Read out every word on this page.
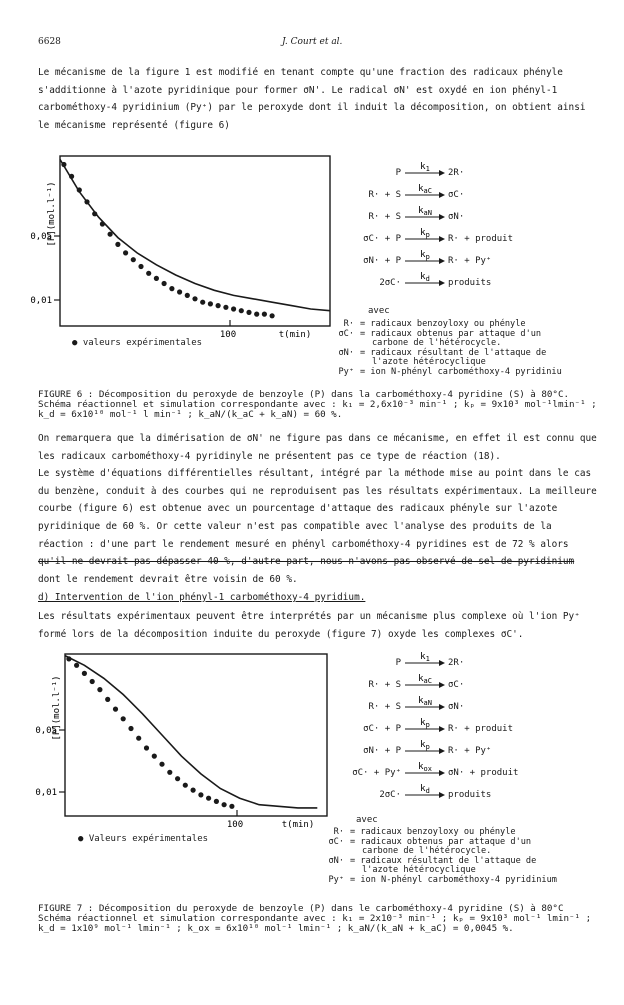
6628	J. Court et al.
Le mécanisme de la figure 1 est modifié en tenant compte qu'une fraction des radicaux phényle
s'additionne à l'azote pyridinique pour former σN'. Le radical σN' est oxydé en ion phényl-1
carbométhoxy-4 pyridinium (Py⁺) par le peroxyde dont il induit la décomposition, on obtient ainsi
le mécanisme représenté (figure 6)
[P](mol.l⁻¹)
0,05
0,01
100	t(min)
● valeurs expérimentales
P
$k_1$ 2R·
R· + S
$k_{aC}$ σC·
R· + S
$k_{aN}$ σN·
σC· + P
$k_p$ R· + produit
σN· + P
$k_p$ R· + Py⁺
2σC·
$k_d$ produits
avec
R· = radicaux benzoyloxy ou phényle
σC· = radicaux obtenus par attaque d'un
carbone de l'hétérocycle.
σN· = radicaux résultant de l'attaque de
l'azote hétérocyclique
Py⁺ = ion N-phényl carbométhoxy-4 pyridiniu
FIGURE 6 : Décomposition du peroxyde de benzoyle (P) dans la carbométhoxy-4 pyridine (S) à 80°C.
Schéma réactionnel et simulation correspondante avec : k₁ = 2,6x10⁻³ min⁻¹ ; kₚ = 9x10³ mol⁻¹lmin⁻¹ ;
k_d = 6x10¹⁰ mol⁻¹ l min⁻¹ ; k_aN/(k_aC + k_aN) = 60 %.
On remarquera que la dimérisation de σN' ne figure pas dans ce mécanisme, en effet il est connu que
les radicaux carbométhoxy-4 pyridinyle ne présentent pas ce type de réaction (18).
Le système d'équations différentielles résultant, intégré par la méthode mise au point dans le cas
du benzène, conduit à des courbes qui ne reproduisent pas les résultats expérimentaux. La meilleure
courbe (figure 6) est obtenue avec un pourcentage d'attaque des radicaux phényle sur l'azote
pyridinique de 60 %. Or cette valeur n'est pas compatible avec l'analyse des produits de la
réaction : d'une part le rendement mesuré en phényl carbométhoxy-4 pyridines est de 72 % alors
qu'il ne devrait pas dépasser 40 %, d'autre part, nous n'avons pas observé de sel de pyridinium
dont le rendement devrait être voisin de 60 %.
d) Intervention de l'ion phényl-1 carbométhoxy-4 pyridium.
Les résultats expérimentaux peuvent être interprétés par un mécanisme plus complexe où l'ion Py⁺
formé lors de la décomposition induite du peroxyde (figure 7) oxyde les complexes σC'.
[P](mol.l⁻¹)
0,05
0,01
100	t(min)
● Valeurs expérimentales
P
$k_1$ 2R·
R· + S
$k_{aC}$ σC·
R· + S
$k_{aN}$ σN·
σC· + P
$k_p$ R· + produit
σN· + P
$k_p$ R· + Py⁺
σC· + Py⁺
$k_{ox}$ σN· + produit
2σC·
$k_d$ produits
avec
R· = radicaux benzoyloxy ou phényle
σC· = radicaux obtenus par attaque d'un
carbone de l'hétérocycle.
σN· = radicaux résultant de l'attaque de
l'azote hétérocyclique
Py⁺ = ion N-phényl carbométhoxy-4 pyridinium
FIGURE 7 : Décomposition du peroxyde de benzoyle (P) dans le carbométhoxy-4 pyridine (S) à 80°C
Schéma réactionnel et simulation correspondante avec : k₁ = 2x10⁻³ min⁻¹ ; kₚ = 9x10³ mol⁻¹ lmin⁻¹ ;
k_d = 1x10⁹ mol⁻¹ lmin⁻¹ ; k_ox = 6x10¹⁰ mol⁻¹ lmin⁻¹ ; k_aN/(k_aN + k_aC) = 0,0045 %.
